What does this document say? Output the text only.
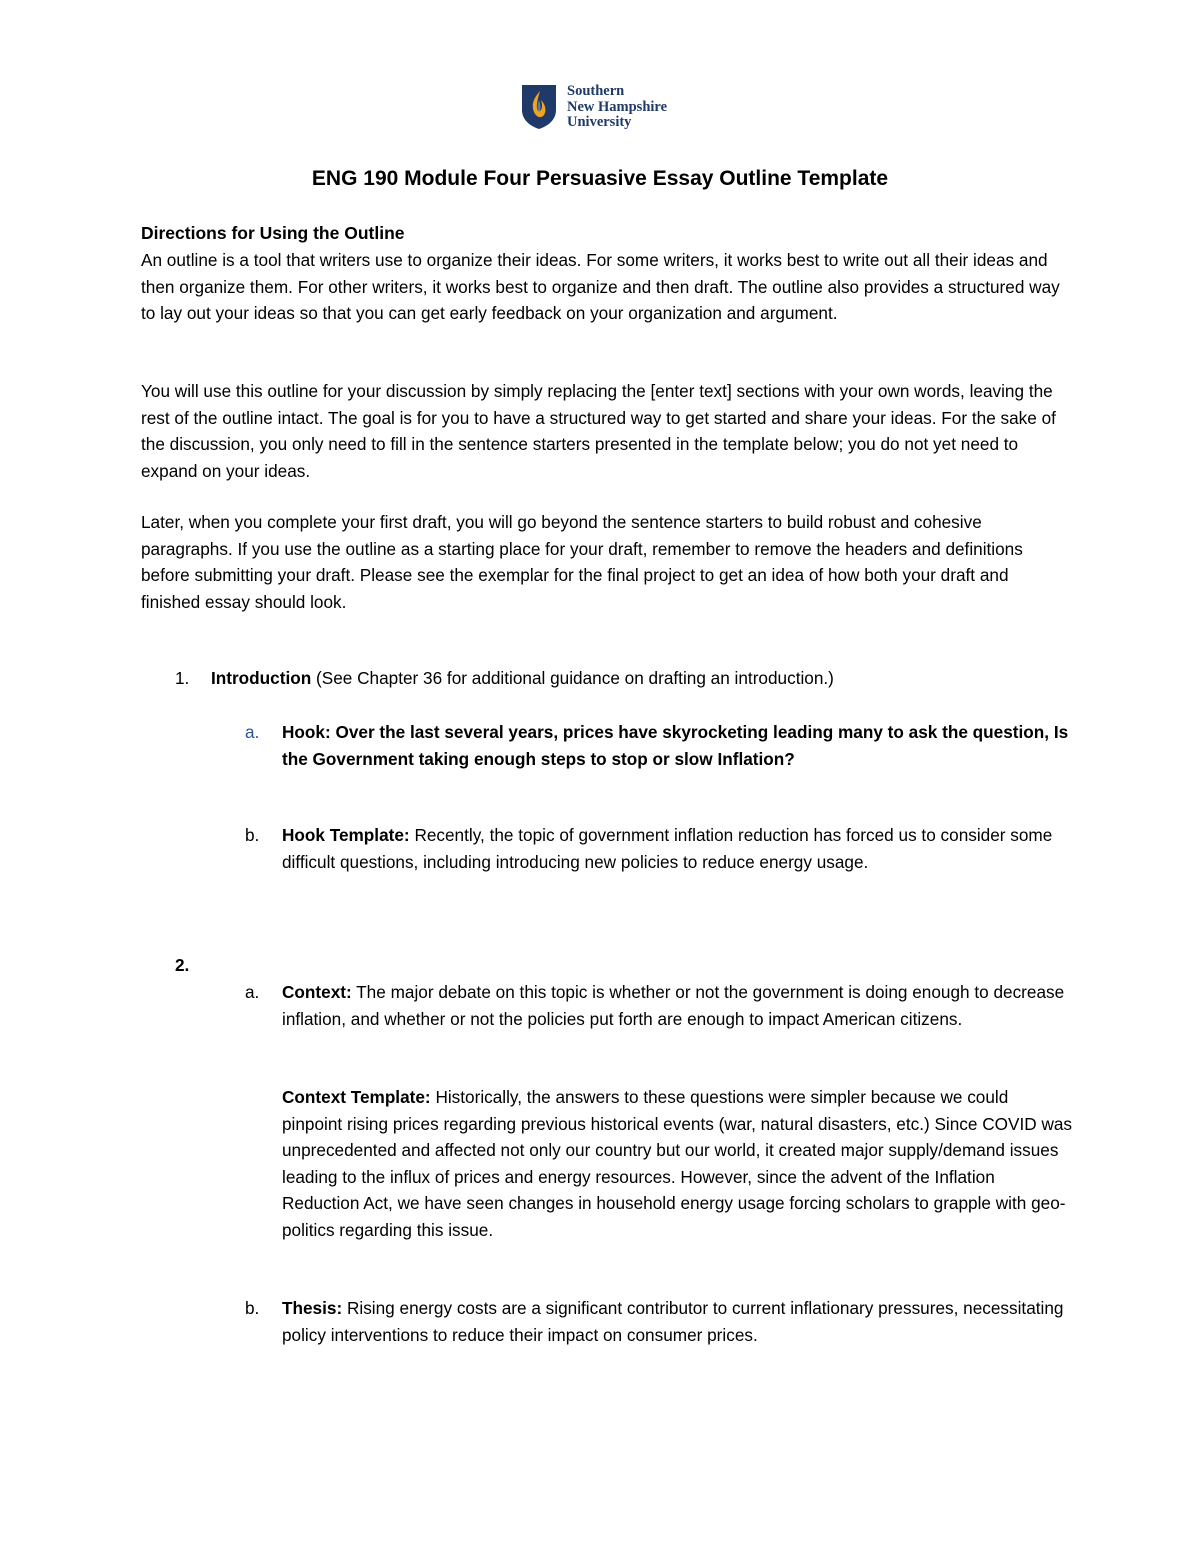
Southern
New Hampshire
University
ENG 190 Module Four Persuasive Essay Outline Template
Directions for Using the Outline
An outline is a tool that writers use to organize their ideas. For some writers, it works best to write out all their ideas and then organize them. For other writers, it works best to organize and then draft. The outline also provides a structured way to lay out your ideas so that you can get early feedback on your organization and argument.
You will use this outline for your discussion by simply replacing the [enter text] sections with your own words, leaving the rest of the outline intact. The goal is for you to have a structured way to get started and share your ideas. For the sake of the discussion, you only need to fill in the sentence starters presented in the template below; you do not yet need to expand on your ideas.
Later, when you complete your first draft, you will go beyond the sentence starters to build robust and cohesive paragraphs. If you use the outline as a starting place for your draft, remember to remove the headers and definitions before submitting your draft. Please see the exemplar for the final project to get an idea of how both your draft and finished essay should look.
1. Introduction (See Chapter 36 for additional guidance on drafting an introduction.)
a. Hook: Over the last several years, prices have skyrocketing leading many to ask the question, Is the Government taking enough steps to stop or slow Inflation?
b. Hook Template: Recently, the topic of government inflation reduction has forced us to consider some difficult questions, including introducing new policies to reduce energy usage.
2.
a. Context: The major debate on this topic is whether or not the government is doing enough to decrease inflation, and whether or not the policies put forth are enough to impact American citizens.
Context Template: Historically, the answers to these questions were simpler because we could pinpoint rising prices regarding previous historical events (war, natural disasters, etc.) Since COVID was unprecedented and affected not only our country but our world, it created major supply/demand issues leading to the influx of prices and energy resources. However, since the advent of the Inflation Reduction Act, we have seen changes in household energy usage forcing scholars to grapple with geo-politics regarding this issue.
b. Thesis: Rising energy costs are a significant contributor to current inflationary pressures, necessitating policy interventions to reduce their impact on consumer prices.
